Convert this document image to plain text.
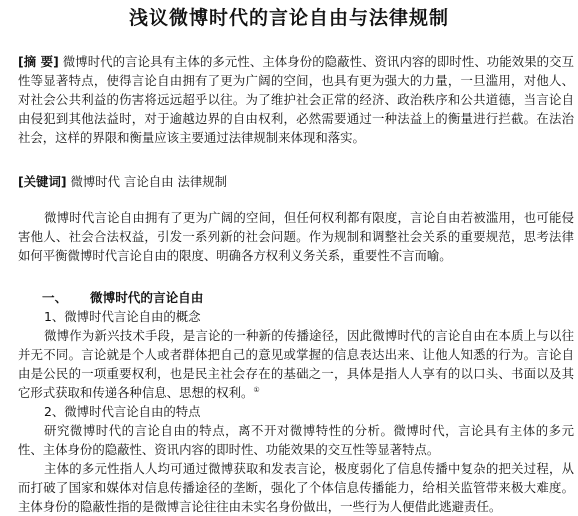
浅议微博时代的言论自由与法律规制
[摘 要] 微博时代的言论具有主体的多元性、主体身份的隐蔽性、资讯内容的即时性、功能效果的交互性等显著特点，使得言论自由拥有了更为广阔的空间，也具有更为强大的力量，一旦滥用，对他人、对社会公共利益的伤害将远远超乎以往。为了维护社会正常的经济、政治秩序和公共道德，当言论自由侵犯到其他法益时，对于逾越边界的自由权利，必然需要通过一种法益上的衡量进行拦截。在法治社会，这样的界限和衡量应该主要通过法律规制来体现和落实。
[关键词] 微博时代 言论自由 法律规制
微博时代言论自由拥有了更为广阔的空间，但任何权利都有限度，言论自由若被滥用，也可能侵害他人、社会合法权益，引发一系列新的社会问题。作为规制和调整社会关系的重要规范，思考法律如何平衡微博时代言论自由的限度、明确各方权利义务关系，重要性不言而喻。
一、 微博时代的言论自由
1、微博时代言论自由的概念
微博作为新兴技术手段，是言论的一种新的传播途径，因此微博时代的言论自由在本质上与以往并无不同。言论就是个人或者群体把自己的意见或掌握的信息表达出来、让他人知悉的行为。言论自由是公民的一项重要权利，也是民主社会存在的基础之一，具体是指人人享有的以口头、书面以及其它形式获取和传递各种信息、思想的权利。①
2、微博时代言论自由的特点
研究微博时代的言论自由的特点，离不开对微博特性的分析。微博时代，言论具有主体的多元性、主体身份的隐蔽性、资讯内容的即时性、功能效果的交互性等显著特点。
主体的多元性指人人均可通过微博获取和发表言论，极度弱化了信息传播中复杂的把关过程，从而打破了国家和媒体对信息传播途径的垄断，强化了个体信息传播能力，给相关监管带来极大难度。主体身份的隐蔽性指的是微博言论往往由未实名身份做出，一些行为人便借此逃避责任。
